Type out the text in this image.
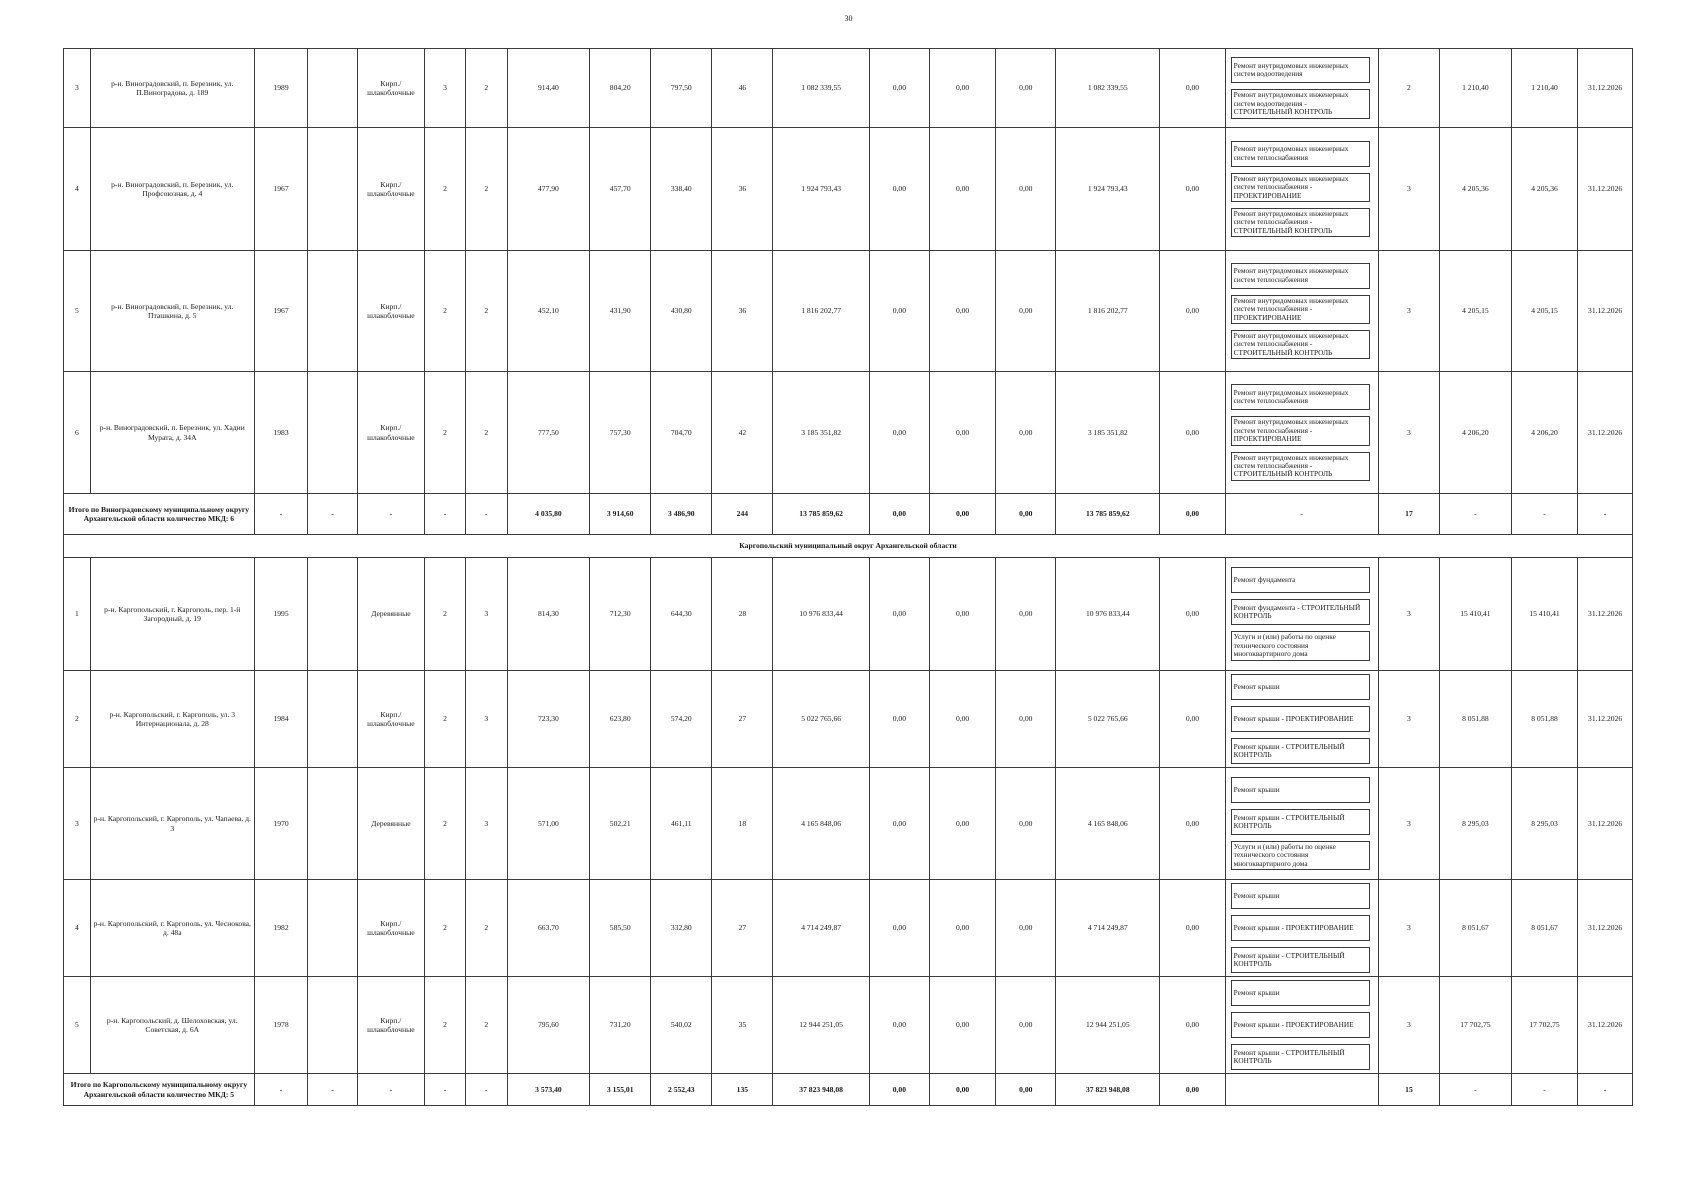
30
3	р-н. Виноградовский, п. Березник, ул. П.Виноградова, д. 189	1989		Кирп./ шлакоблочные	3	2	914,40	804,20	797,50	46	1 082 339,55	0,00	0,00	0,00	1 082 339,55	0,00	Ремонт внутридомовых инженерных систем водоотведения
Ремонт внутридомовых инженерных систем водоотведения - СТРОИТЕЛЬНЫЙ КОНТРОЛЬ	2	1 210,40	1 210,40	31.12.2026
4	р-н. Виноградовский, п. Березник, ул. Профсоюзная, д. 4	1967		Кирп./ шлакоблочные	2	2	477,90	457,70	338,40	36	1 924 793,43	0,00	0,00	0,00	1 924 793,43	0,00	Ремонт внутридомовых инженерных систем теплоснабжения
Ремонт внутридомовых инженерных систем теплоснабжения - ПРОЕКТИРОВАНИЕ
Ремонт внутридомовых инженерных систем теплоснабжения - СТРОИТЕЛЬНЫЙ КОНТРОЛЬ	3	4 205,36	4 205,36	31.12.2026
5	р-н. Виноградовский, п. Березник, ул. Пташкина, д. 5	1967		Кирп./ шлакоблочные	2	2	452,10	431,90	430,80	36	1 816 202,77	0,00	0,00	0,00	1 816 202,77	0,00	Ремонт внутридомовых инженерных систем теплоснабжения
Ремонт внутридомовых инженерных систем теплоснабжения - ПРОЕКТИРОВАНИЕ
Ремонт внутридомовых инженерных систем теплоснабжения - СТРОИТЕЛЬНЫЙ КОНТРОЛЬ	3	4 205,15	4 205,15	31.12.2026
6	р-н. Виноградовский, п. Березник, ул. Хадии Мурата, д. 34А	1983		Кирп./ шлакоблочные	2	2	777,50	757,30	704,70	42	3 185 351,82	0,00	0,00	0,00	3 185 351,82	0,00	Ремонт внутридомовых инженерных систем теплоснабжения
Ремонт внутридомовых инженерных систем теплоснабжения - ПРОЕКТИРОВАНИЕ
Ремонт внутридомовых инженерных систем теплоснабжения - СТРОИТЕЛЬНЫЙ КОНТРОЛЬ	3	4 206,20	4 206,20	31.12.2026
Итого по Виноградовскому муниципальному округу Архангельской области количество МКД: 6		-	-	-	-	-	4 035,80	3 914,60	3 486,90	244	13 785 859,62	0,00	0,00	0,00	13 785 859,62	0,00	-	17	-	-	-
Каргопольский муниципальный округ Архангельской области																					
1	р-н. Каргопольский, г. Каргополь, пер. 1-й Загородный, д. 19	1995		Деревянные	2	3	814,30	712,30	644,30	28	10 976 833,44	0,00	0,00	0,00	10 976 833,44	0,00	Ремонт фундамента
Ремонт фундамента - СТРОИТЕЛЬНЫЙ КОНТРОЛЬ
Услуги и (или) работы по оценке технического состояния многоквартирного дома	3	15 410,41	15 410,41	31.12.2026
2	р-н. Каргопольский, г. Каргополь, ул. 3 Интернационала, д. 28	1984		Кирп./ шлакоблочные	2	3	723,30	623,80	574,20	27	5 022 765,66	0,00	0,00	0,00	5 022 765,66	0,00	Ремонт крыши
Ремонт крыши - ПРОЕКТИРОВАНИЕ
Ремонт крыши - СТРОИТЕЛЬНЫЙ КОНТРОЛЬ	3	8 051,88	8 051,88	31.12.2026
3	р-н. Каргопольский, г. Каргополь, ул. Чапаева, д. 3	1970		Деревянные	2	3	571,00	502,21	461,11	18	4 165 848,06	0,00	0,00	0,00	4 165 848,06	0,00	Ремонт крыши
Ремонт крыши - СТРОИТЕЛЬНЫЙ КОНТРОЛЬ
Услуги и (или) работы по оценке технического состояния многоквартирного дома	3	8 295,03	8 295,03	31.12.2026
4	р-н. Каргопольский, г. Каргополь, ул. Чеснокова, д. 48а	1982		Кирп./ шлакоблочные	2	2	663,70	585,50	332,80	27	4 714 249,87	0,00	0,00	0,00	4 714 249,87	0,00	Ремонт крыши
Ремонт крыши - ПРОЕКТИРОВАНИЕ
Ремонт крыши - СТРОИТЕЛЬНЫЙ КОНТРОЛЬ	3	8 051,67	8 051,67	31.12.2026
5	р-н. Каргопольский, д. Шелоховская, ул. Советская, д. 6А	1978		Кирп./ шлакоблочные	2	2	795,60	731,20	540,02	35	12 944 251,05	0,00	0,00	0,00	12 944 251,05	0,00	Ремонт крыши
Ремонт крыши - ПРОЕКТИРОВАНИЕ
Ремонт крыши - СТРОИТЕЛЬНЫЙ КОНТРОЛЬ	3	17 702,75	17 702,75	31.12.2026
Итого по Каргопольскому муниципальному округу Архангельской области количество МКД: 5		-	-	-	-	-	3 573,40	3 155,01	2 552,43	135	37 823 948,08	0,00	0,00	0,00	37 823 948,08	0,00		15	-	-	-
